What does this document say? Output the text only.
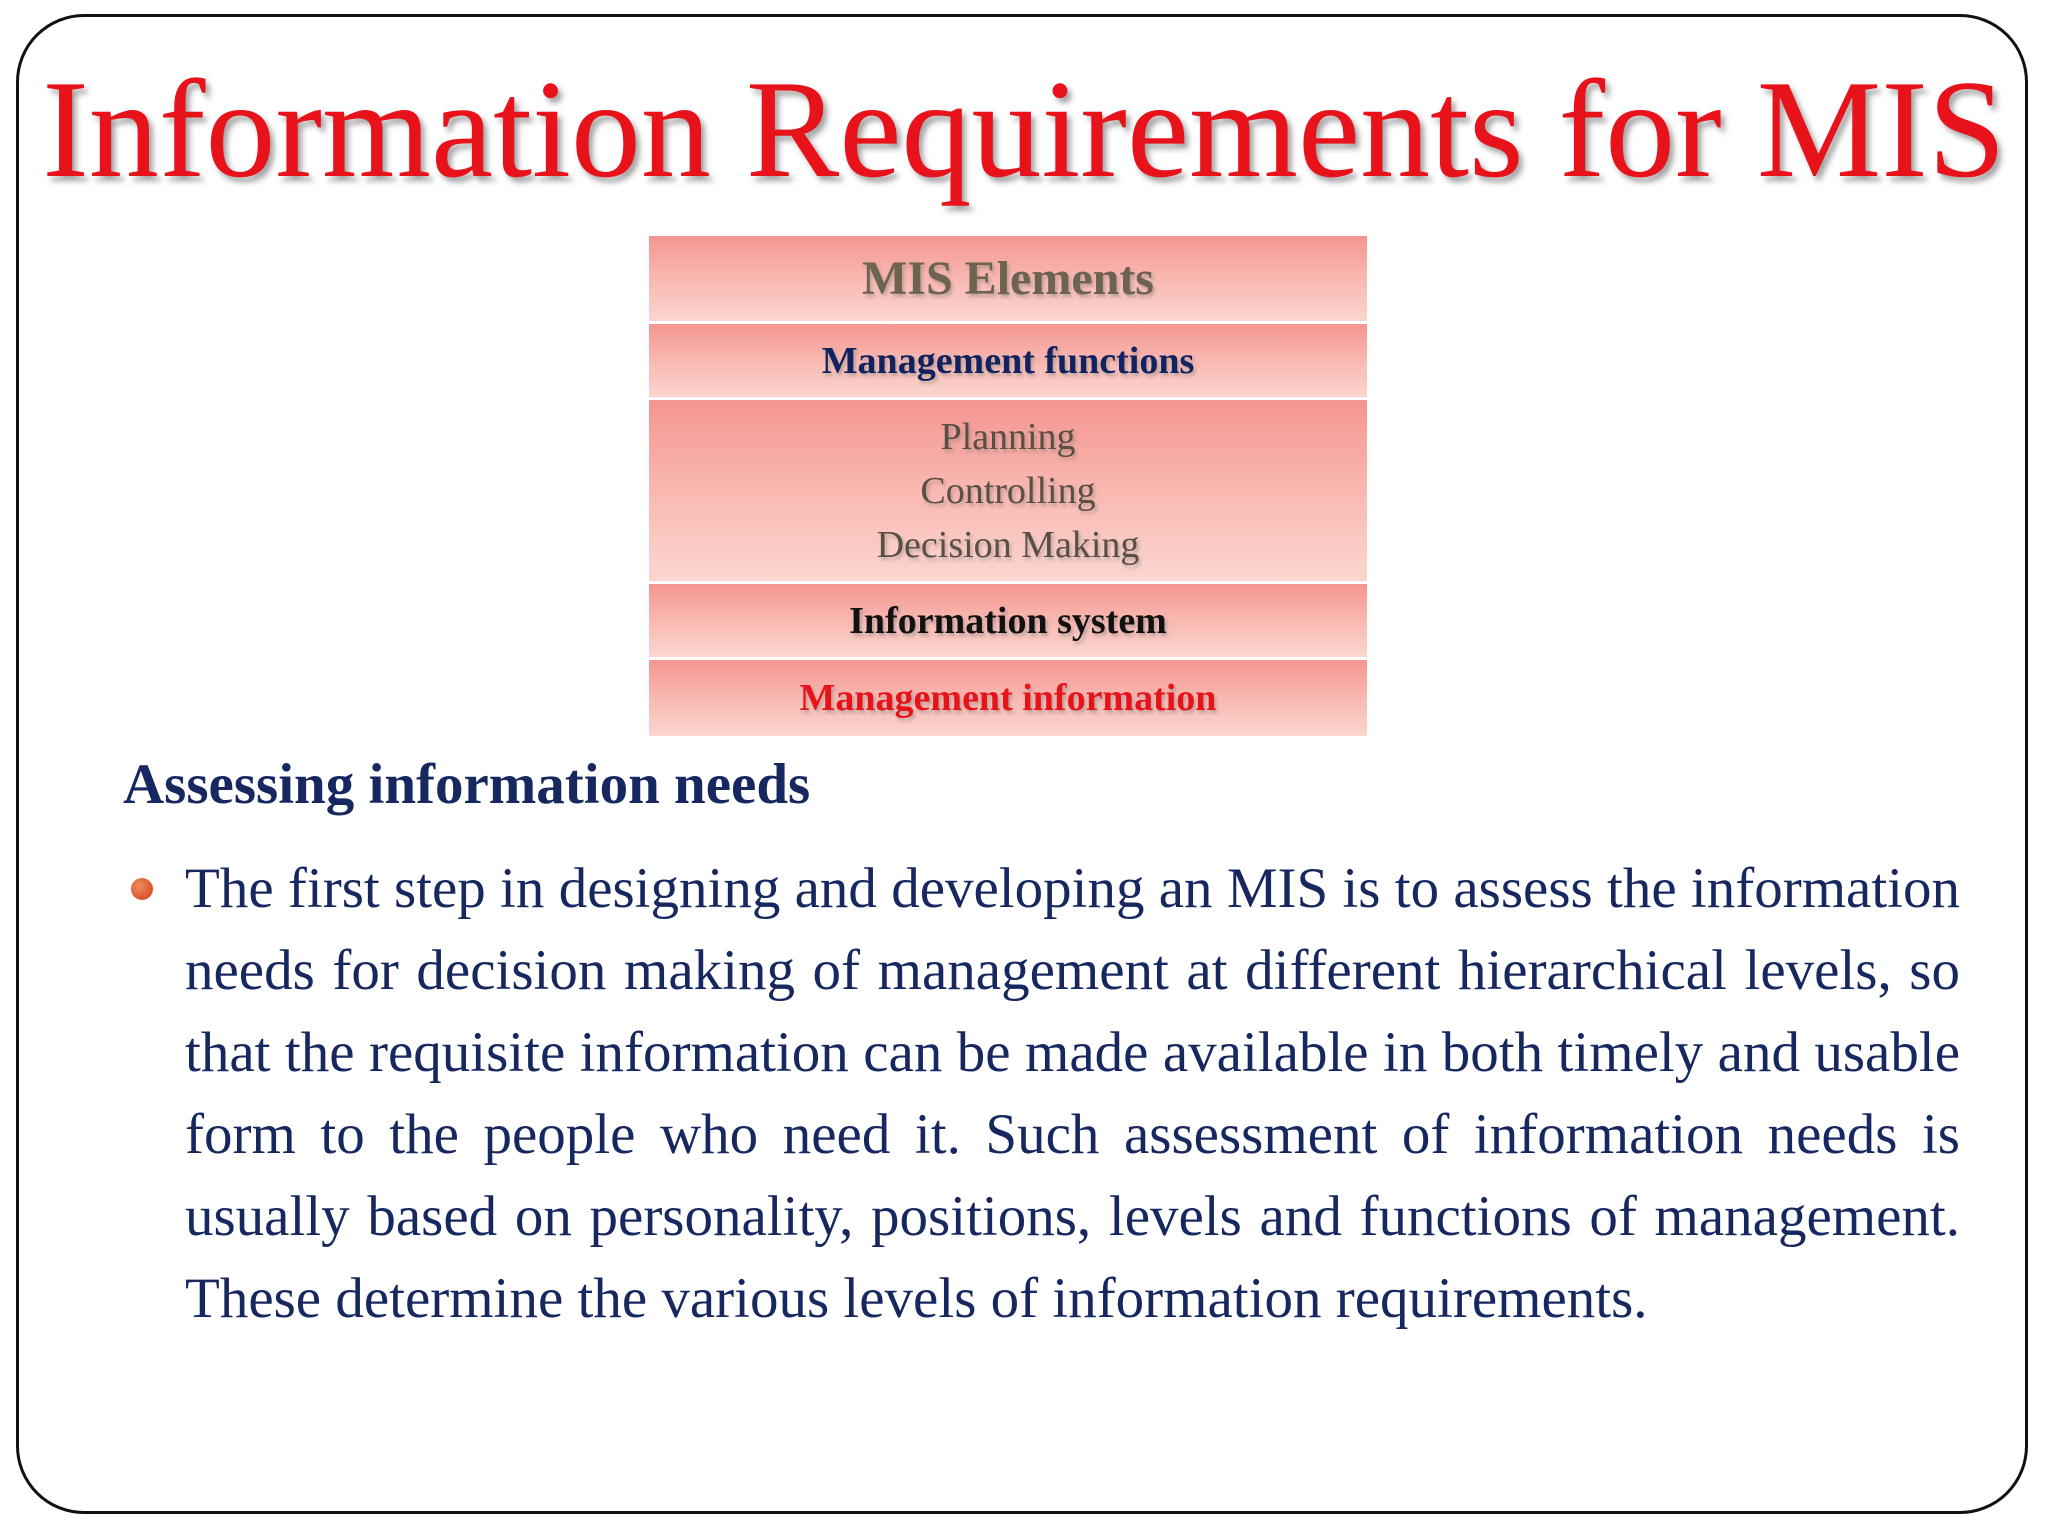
Information Requirements for MIS
MIS Elements
Management functions
Planning
Controlling
Decision Making
Information system
Management information
Assessing information needs

The first step in designing and developing an MIS is to assess the information needs for decision making of management at different hierarchical levels, so that the requisite information can be made available in both timely and usable form to the people who need it. Such assessment of information needs is usually based on personality, positions, levels and functions of management. These determine the various levels of information requirements.
